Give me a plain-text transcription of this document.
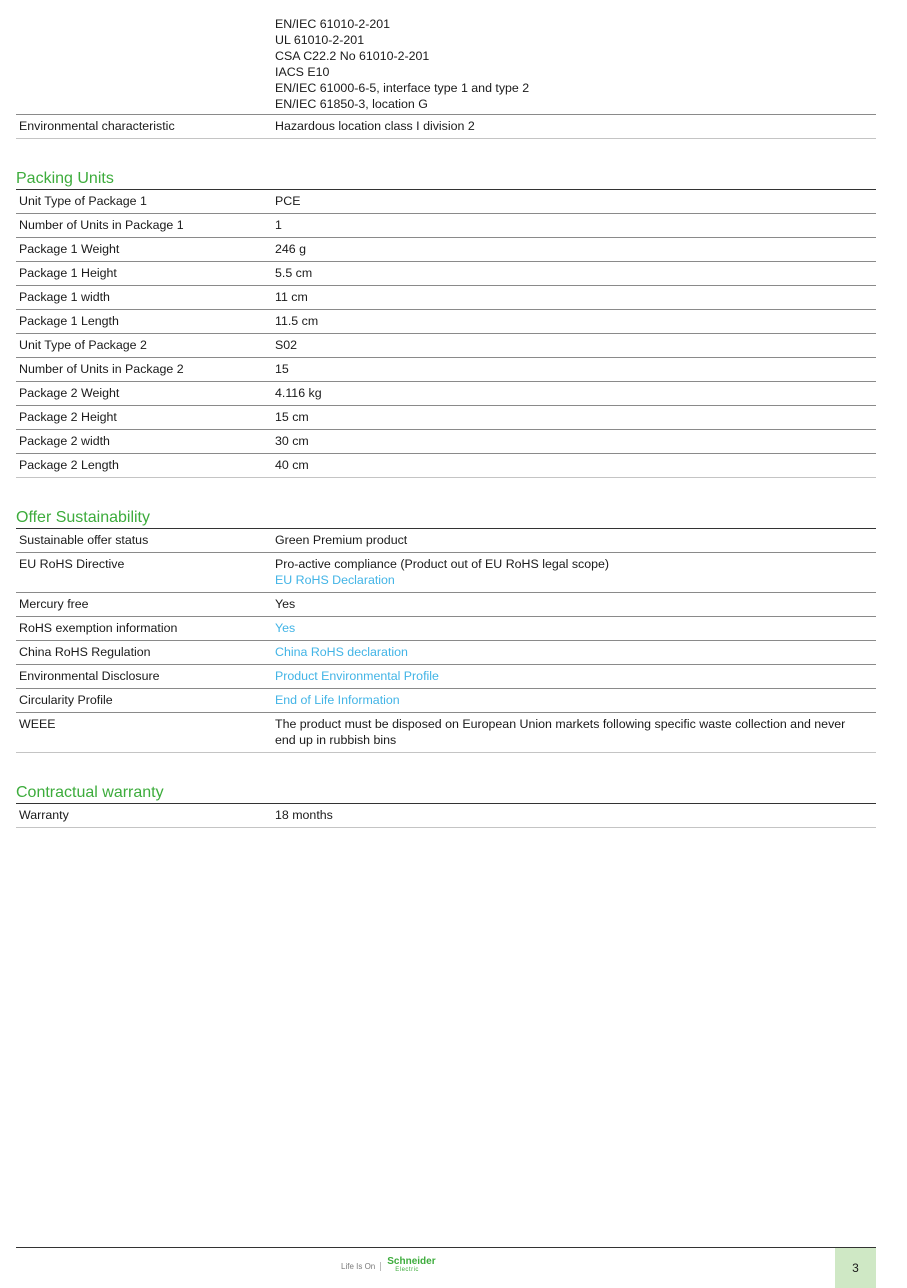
EN/IEC 61010-2-201
UL 61010-2-201
CSA C22.2 No 61010-2-201
IACS E10
EN/IEC 61000-6-5, interface type 1 and type 2
EN/IEC 61850-3, location G
Environmental characteristic	Hazardous location class I division 2
Packing Units
Unit Type of Package 1	PCE
Number of Units in Package 1	1
Package 1 Weight	246 g
Package 1 Height	5.5 cm
Package 1 width	11 cm
Package 1 Length	11.5 cm
Unit Type of Package 2	S02
Number of Units in Package 2	15
Package 2 Weight	4.116 kg
Package 2 Height	15 cm
Package 2 width	30 cm
Package 2 Length	40 cm
Offer Sustainability
Sustainable offer status	Green Premium product
EU RoHS Directive	Pro-active compliance (Product out of EU RoHS legal scope)
EU RoHS Declaration
Mercury free	Yes
RoHS exemption information	Yes
China RoHS Regulation	China RoHS declaration
Environmental Disclosure	Product Environmental Profile
Circularity Profile	End of Life Information
WEEE	The product must be disposed on European Union markets following specific waste collection and never end up in rubbish bins
Contractual warranty
Warranty	18 months
Life Is On	Schneider
Electric	3
